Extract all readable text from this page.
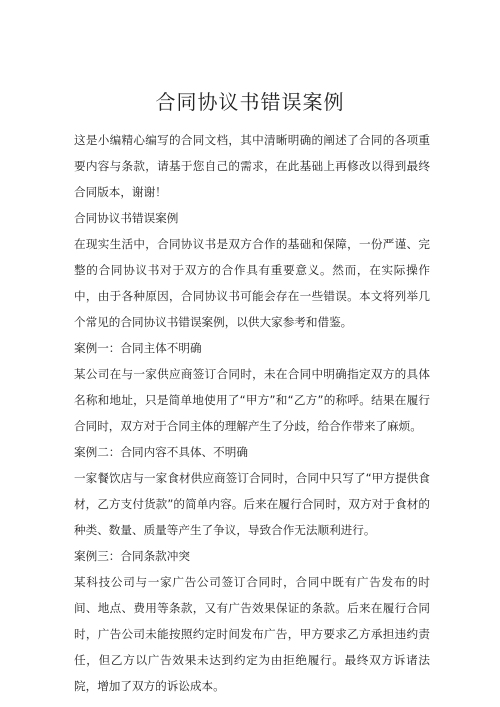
合同协议书错误案例

这是小编精心编写的合同文档，其中清晰明确的阐述了合同的各项重要内容与条款，请基于您自己的需求，在此基础上再修改以得到最终合同版本，谢谢！

合同协议书错误案例

在现实生活中，合同协议书是双方合作的基础和保障，一份严谨、完整的合同协议书对于双方的合作具有重要意义。然而，在实际操作中，由于各种原因，合同协议书可能会存在一些错误。本文将列举几个常见的合同协议书错误案例，以供大家参考和借鉴。

案例一：合同主体不明确

某公司在与一家供应商签订合同时，未在合同中明确指定双方的具体名称和地址，只是简单地使用了“甲方”和“乙方”的称呼。结果在履行合同时，双方对于合同主体的理解产生了分歧，给合作带来了麻烦。

案例二：合同内容不具体、不明确

一家餐饮店与一家食材供应商签订合同时，合同中只写了“甲方提供食材，乙方支付货款”的简单内容。后来在履行合同时，双方对于食材的种类、数量、质量等产生了争议，导致合作无法顺利进行。

案例三：合同条款冲突

某科技公司与一家广告公司签订合同时，合同中既有广告发布的时间、地点、费用等条款，又有广告效果保证的条款。后来在履行合同时，广告公司未能按照约定时间发布广告，甲方要求乙方承担违约责任，但乙方以广告效果未达到约定为由拒绝履行。最终双方诉诸法院，增加了双方的诉讼成本。
